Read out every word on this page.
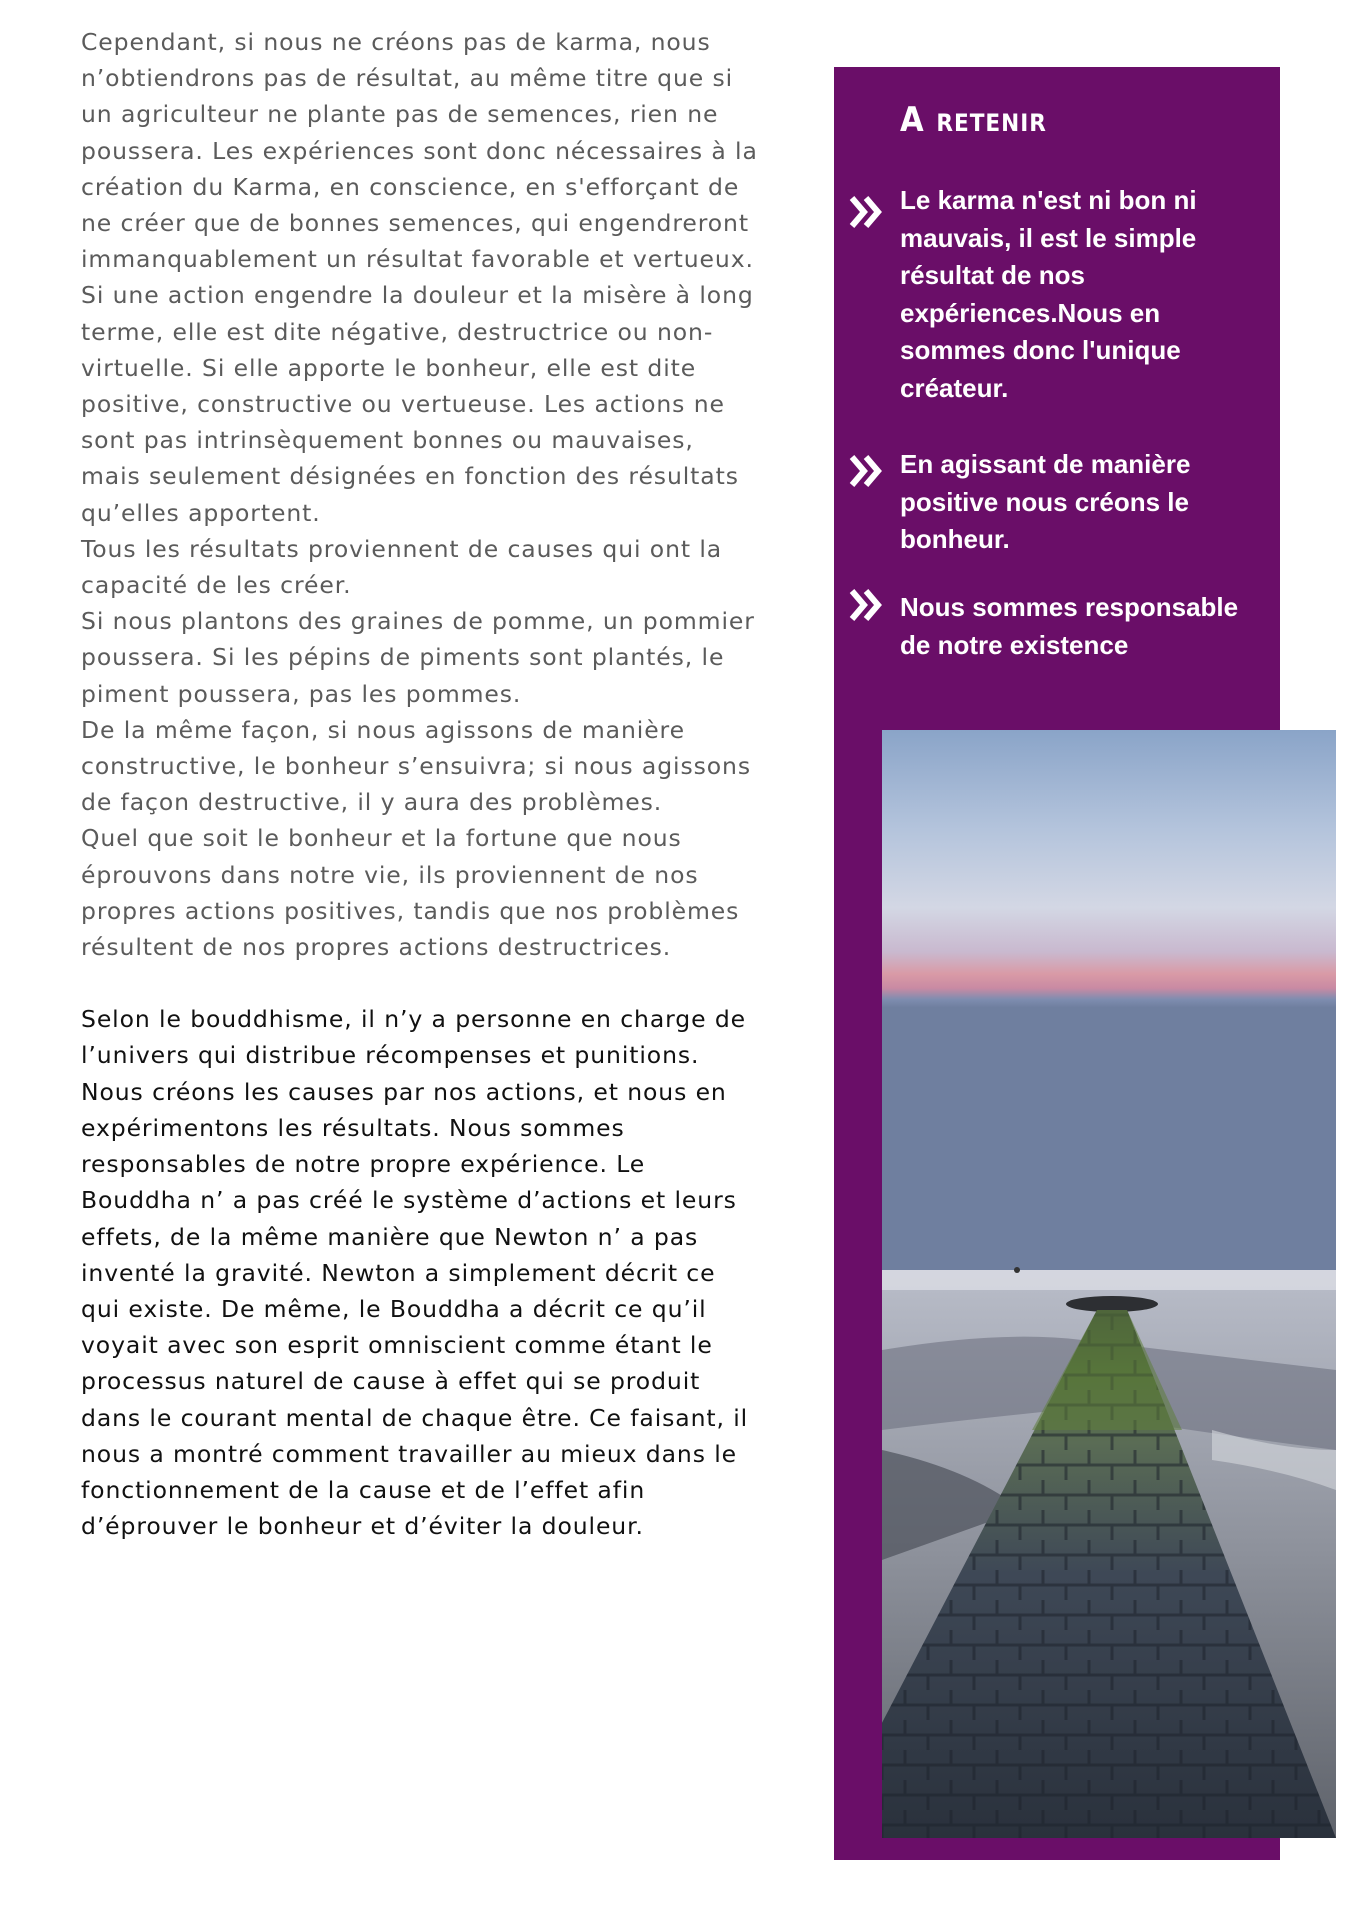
Cependant, si nous ne créons pas de karma, nous n’obtiendrons pas de résultat, au même titre que si un agriculteur ne plante pas de semences, rien ne poussera. Les expériences sont donc nécessaires à la création du Karma, en conscience, en s'efforçant de ne créer que de bonnes semences, qui engendreront immanquablement un résultat favorable et vertueux.

Si une action engendre la douleur et la misère à long terme, elle est dite négative, destructrice ou non-virtuelle. Si elle apporte le bonheur, elle est dite positive, constructive ou vertueuse. Les actions ne sont pas intrinsèquement bonnes ou mauvaises, mais seulement désignées en fonction des résultats qu’elles apportent.

Tous les résultats proviennent de causes qui ont la capacité de les créer.

Si nous plantons des graines de pomme, un pommier poussera. Si les pépins de piments sont plantés, le piment poussera, pas les pommes.

De la même façon, si nous agissons de manière constructive, le bonheur s’ensuivra; si nous agissons de façon destructive, il y aura des problèmes.

Quel que soit le bonheur et la fortune que nous éprouvons dans notre vie, ils proviennent de nos propres actions positives, tandis que nos problèmes résultent de nos propres actions destructrices.

Selon le bouddhisme, il n’y a personne en charge de l’univers qui distribue récompenses et punitions. Nous créons les causes par nos actions, et nous en expérimentons les résultats. Nous sommes responsables de notre propre expérience. Le Bouddha n’ a pas créé le système d’actions et leurs effets, de la même manière que Newton n’ a pas inventé la gravité. Newton a simplement décrit ce qui existe. De même, le Bouddha a décrit ce qu’il voyait avec son esprit omniscient comme étant le processus naturel de cause à effet qui se produit dans le courant mental de chaque être. Ce faisant, il nous a montré comment travailler au mieux dans le fonctionnement de la cause et de l’effet afin d’éprouver le bonheur et d’éviter la douleur.

A retenir
Le karma n'est ni bon ni mauvais, il est le simple résultat de nos expériences.Nous en sommes donc l'unique créateur.
En agissant de manière positive nous créons le bonheur.
Nous sommes responsable de notre existence
